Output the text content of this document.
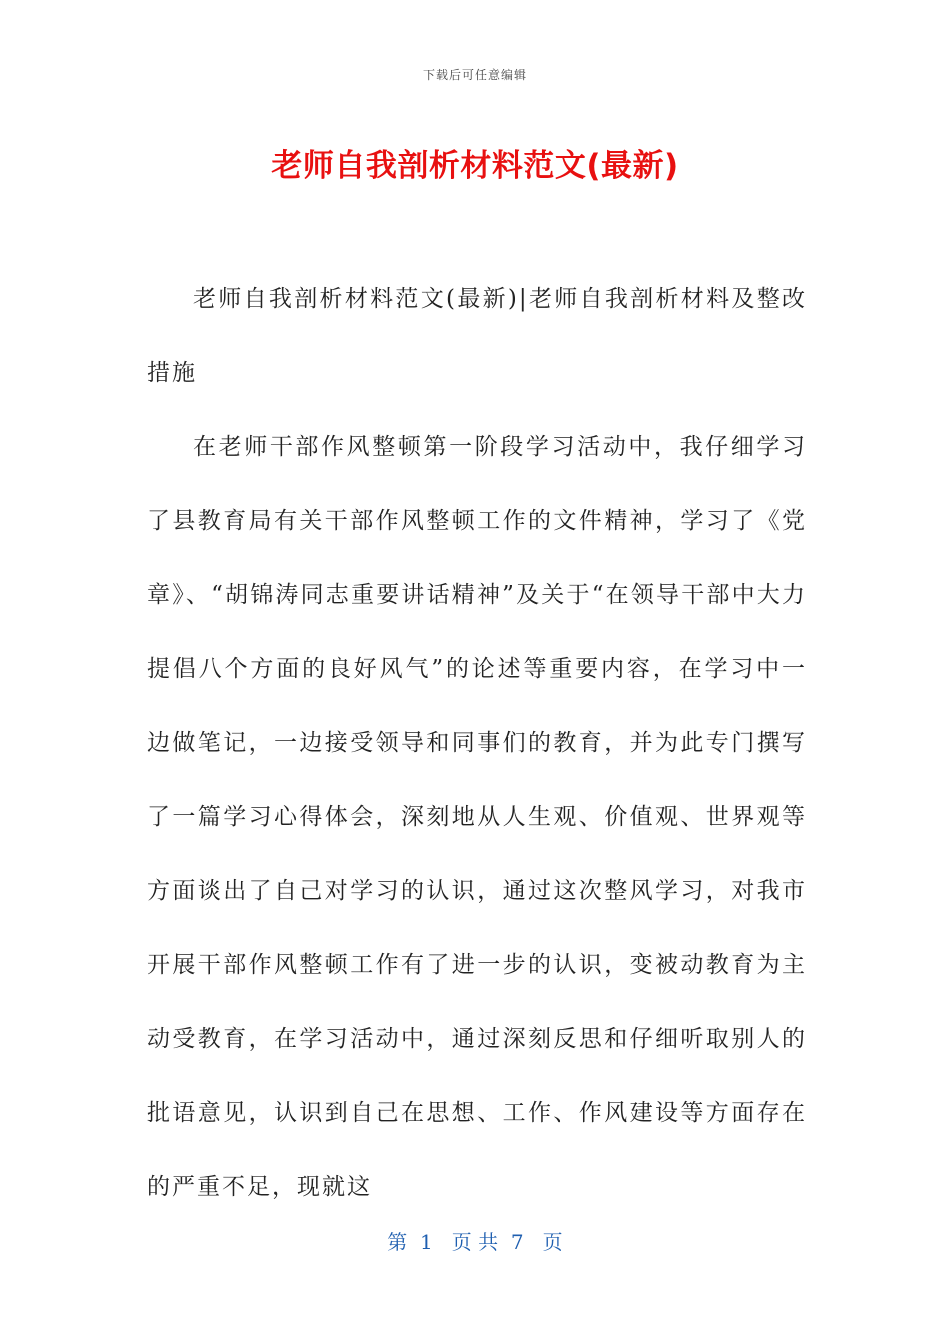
下载后可任意编辑
老师自我剖析材料范文(最新)

老师自我剖析材料范文(最新)|老师自我剖析材料及整改措施

在老师干部作风整顿第一阶段学习活动中，我仔细学习了县教育局有关干部作风整顿工作的文件精神，学习了《党章》、“胡锦涛同志重要讲话精神”及关于“在领导干部中大力提倡八个方面的良好风气”的论述等重要内容，在学习中一边做笔记，一边接受领导和同事们的教育，并为此专门撰写了一篇学习心得体会，深刻地从人生观、价值观、世界观等方面谈出了自己对学习的认识，通过这次整风学习，对我市开展干部作风整顿工作有了进一步的认识，变被动教育为主动受教育，在学习活动中，通过深刻反思和仔细听取别人的批语意见，认识到自己在思想、工作、作风建设等方面存在的严重不足，现就这

第  1   页 共  7   页
